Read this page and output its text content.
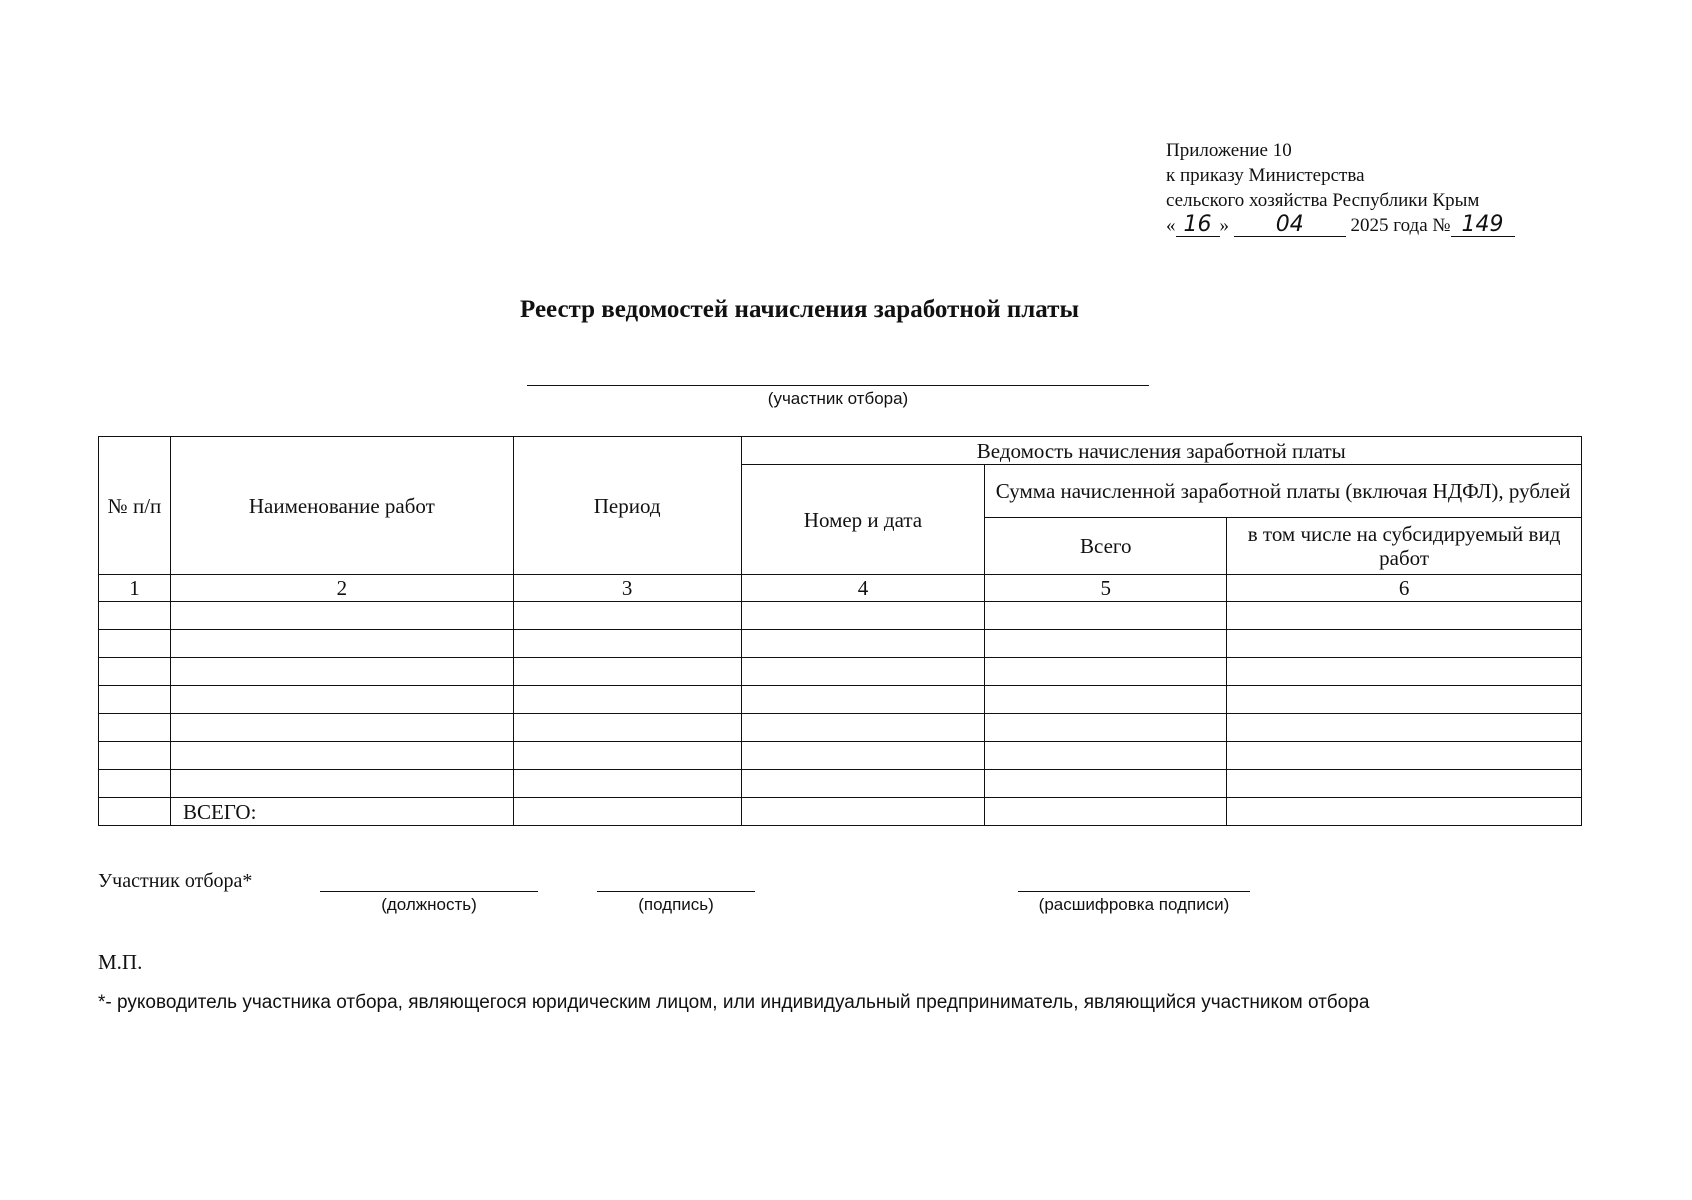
Приложение 10
к приказу Министерства
сельского хозяйства Республики Крым
« 16 » 04 2025 года № 149
Реестр ведомостей начисления заработной платы
(участник отбора)
№ п/п	Наименование работ	Период	Ведомость начисления заработной платы		
			Номер и дата	Сумма начисленной заработной платы (включая НДФЛ), рублей	
				Всего	в том числе на субсидируемый вид работ
1	2	3	4	5	6

	ВСЕГО:				
Участник отбора*
(должность)	(подпись)	(расшифровка подписи)
М.П.
*- руководитель участника отбора, являющегося юридическим лицом, или индивидуальный предприниматель, являющийся участником отбора
